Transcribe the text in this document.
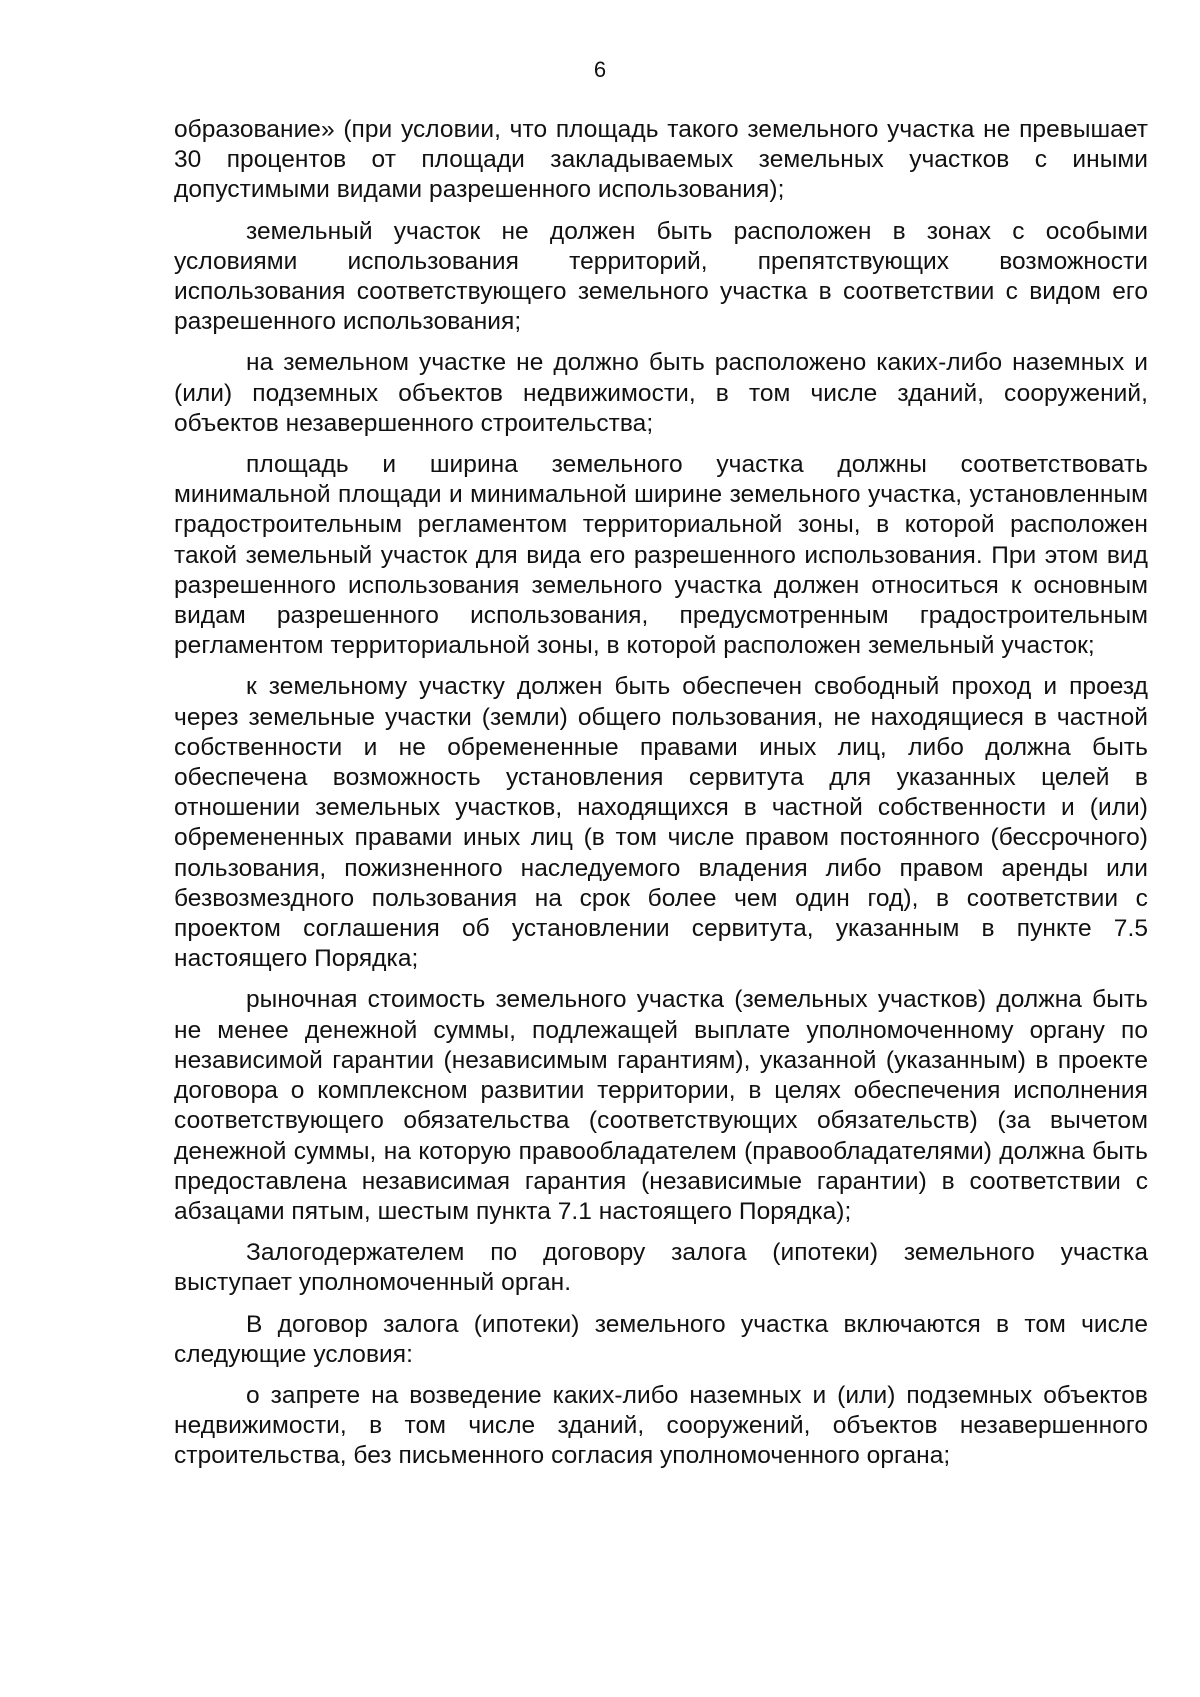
6

образование» (при условии, что площадь такого земельного участка не превышает 30 процентов от площади закладываемых земельных участков с иными допустимыми видами разрешенного использования);

земельный участок не должен быть расположен в зонах с особыми условиями использования территорий, препятствующих возможности использования соответствующего земельного участка в соответствии с видом его разрешенного использования;

на земельном участке не должно быть расположено каких-либо наземных и (или) подземных объектов недвижимости, в том числе зданий, сооружений, объектов незавершенного строительства;

площадь и ширина земельного участка должны соответствовать минимальной площади и минимальной ширине земельного участка, установленным градостроительным регламентом территориальной зоны, в которой расположен такой земельный участок для вида его разрешенного использования. При этом вид разрешенного использования земельного участка должен относиться к основным видам разрешенного использования, предусмотренным градостроительным регламентом территориальной зоны, в которой расположен земельный участок;

к земельному участку должен быть обеспечен свободный проход и проезд через земельные участки (земли) общего пользования, не находящиеся в частной собственности и не обремененные правами иных лиц, либо должна быть обеспечена возможность установления сервитута для указанных целей в отношении земельных участков, находящихся в частной собственности и (или) обремененных правами иных лиц (в том числе правом постоянного (бессрочного) пользования, пожизненного наследуемого владения либо правом аренды или безвозмездного пользования на срок более чем один год), в соответствии с проектом соглашения об установлении сервитута, указанным в пункте 7.5 настоящего Порядка;

рыночная стоимость земельного участка (земельных участков) должна быть не менее денежной суммы, подлежащей выплате уполномоченному органу по независимой гарантии (независимым гарантиям), указанной (указанным) в проекте договора о комплексном развитии территории, в целях обеспечения исполнения соответствующего обязательства (соответствующих обязательств) (за вычетом денежной суммы, на которую правообладателем (правообладателями) должна быть предоставлена независимая гарантия (независимые гарантии) в соответствии с абзацами пятым, шестым пункта 7.1 настоящего Порядка);

Залогодержателем по договору залога (ипотеки) земельного участка выступает уполномоченный орган.

В договор залога (ипотеки) земельного участка включаются в том числе следующие условия:

о запрете на возведение каких-либо наземных и (или) подземных объектов недвижимости, в том числе зданий, сооружений, объектов незавершенного строительства, без письменного согласия уполномоченного органа;
